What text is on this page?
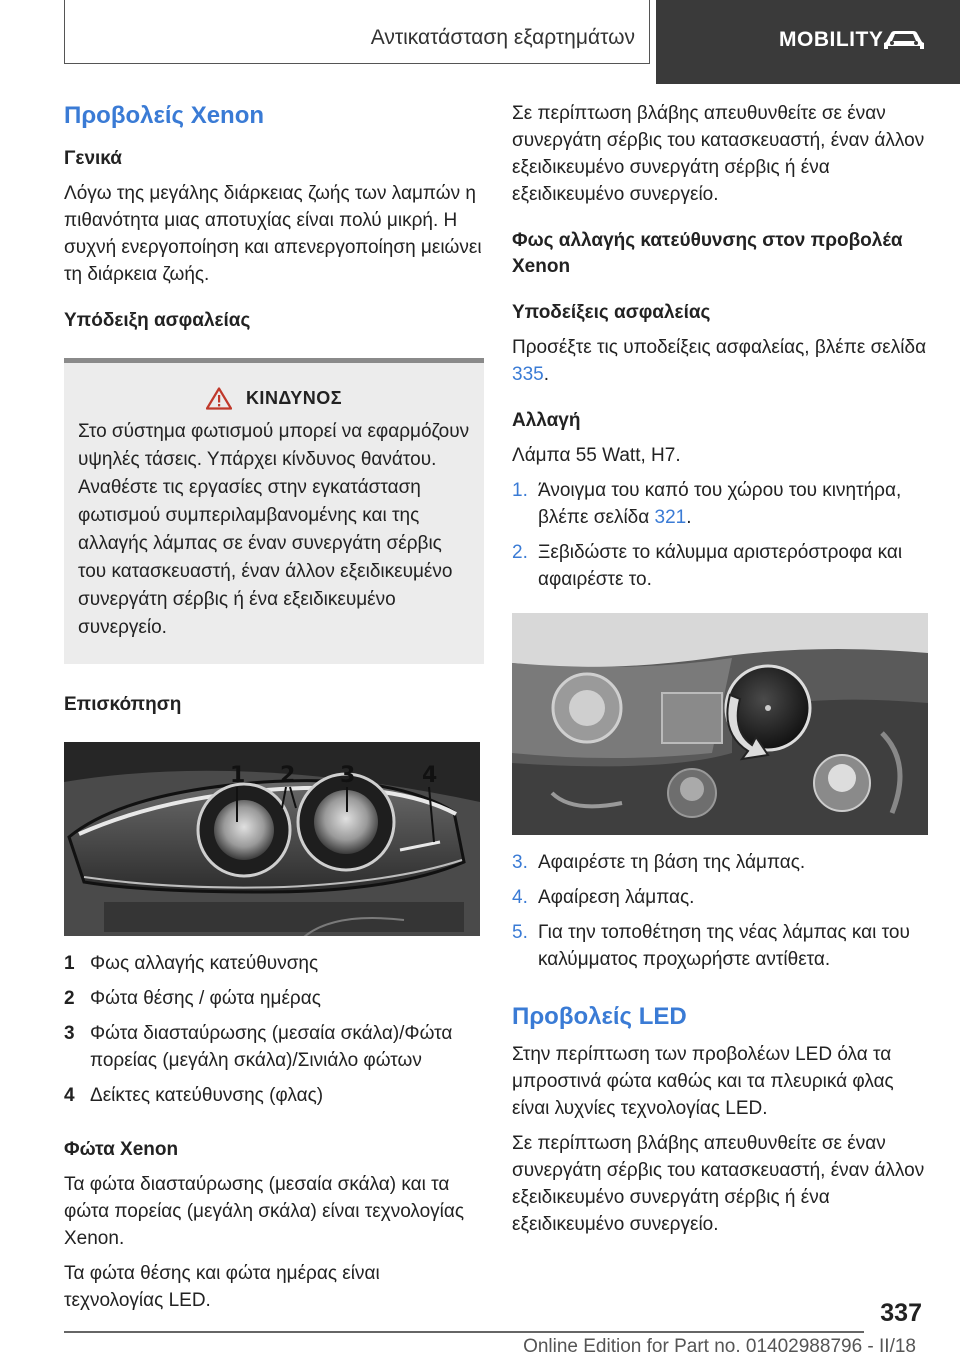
Αντικατάσταση εξαρτημάτων	MOBILITY
Προβολείς Xenon
Γενικά

Λόγω της μεγάλης διάρκειας ζωής των λαμπών η πιθανότητα μιας αποτυχίας είναι πολύ μικρή. Η συχνή ενεργοποίηση και απενεργοποίηση μειώνει τη διάρκεια ζωής.

Υπόδειξη ασφαλείας
ΚΙΝΔΥΝΟΣ

Στο σύστημα φωτισμού μπορεί να εφαρμόζουν υψηλές τάσεις. Υπάρχει κίνδυνος θανάτου. Αναθέστε τις εργασίες στην εγκατάσταση φωτισμού συμπεριλαμβανομένης και της αλλαγής λάμπας σε έναν συνεργάτη σέρβις του κατασκευαστή, έναν άλλον εξειδικευμένο συνεργάτη σέρβις ή ένα εξειδικευμένο συνεργείο.

Επισκόπηση
1 2 3	4
1 Φως αλλαγής κατεύθυνσης
2 Φώτα θέσης / φώτα ημέρας
3 Φώτα διασταύρωσης (μεσαία σκάλα)/Φώτα πορείας (μεγάλη σκάλα)/Σινιάλο φώτων
4 Δείκτες κατεύθυνσης (φλας)
Φώτα Xenon

Τα φώτα διασταύρωσης (μεσαία σκάλα) και τα φώτα πορείας (μεγάλη σκάλα) είναι τεχνολογίας Xenon.

Τα φώτα θέσης και φώτα ημέρας είναι τεχνολογίας LED.

Σε περίπτωση βλάβης απευθυνθείτε σε έναν συνεργάτη σέρβις του κατασκευαστή, έναν άλλον εξειδικευμένο συνεργάτη σέρβις ή ένα εξειδικευμένο συνεργείο.

Φως αλλαγής κατεύθυνσης στον προβολέα Xenon
Υποδείξεις ασφαλείας

Προσέξτε τις υποδείξεις ασφαλείας, βλέπε σελίδα 335.

Αλλαγή

Λάμπα 55 Watt, H7.

1. Άνοιγμα του καπό του χώρου του κινητήρα, βλέπε σελίδα 321.
2. Ξεβιδώστε το κάλυμμα αριστερόστροφα και αφαιρέστε το.
3. Αφαιρέστε τη βάση της λάμπας.
4. Αφαίρεση λάμπας.
5. Για την τοποθέτηση της νέας λάμπας και του καλύμματος προχωρήστε αντίθετα.
Προβολείς LED

Στην περίπτωση των προβολέων LED όλα τα μπροστινά φώτα καθώς και τα πλευρικά φλας είναι λυχνίες τεχνολογίας LED.

Σε περίπτωση βλάβης απευθυνθείτε σε έναν συνεργάτη σέρβις του κατασκευαστή, έναν άλλον εξειδικευμένο συνεργάτη σέρβις ή ένα εξειδικευμένο συνεργείο.

337
Online Edition for Part no. 01402988796 - II/18
